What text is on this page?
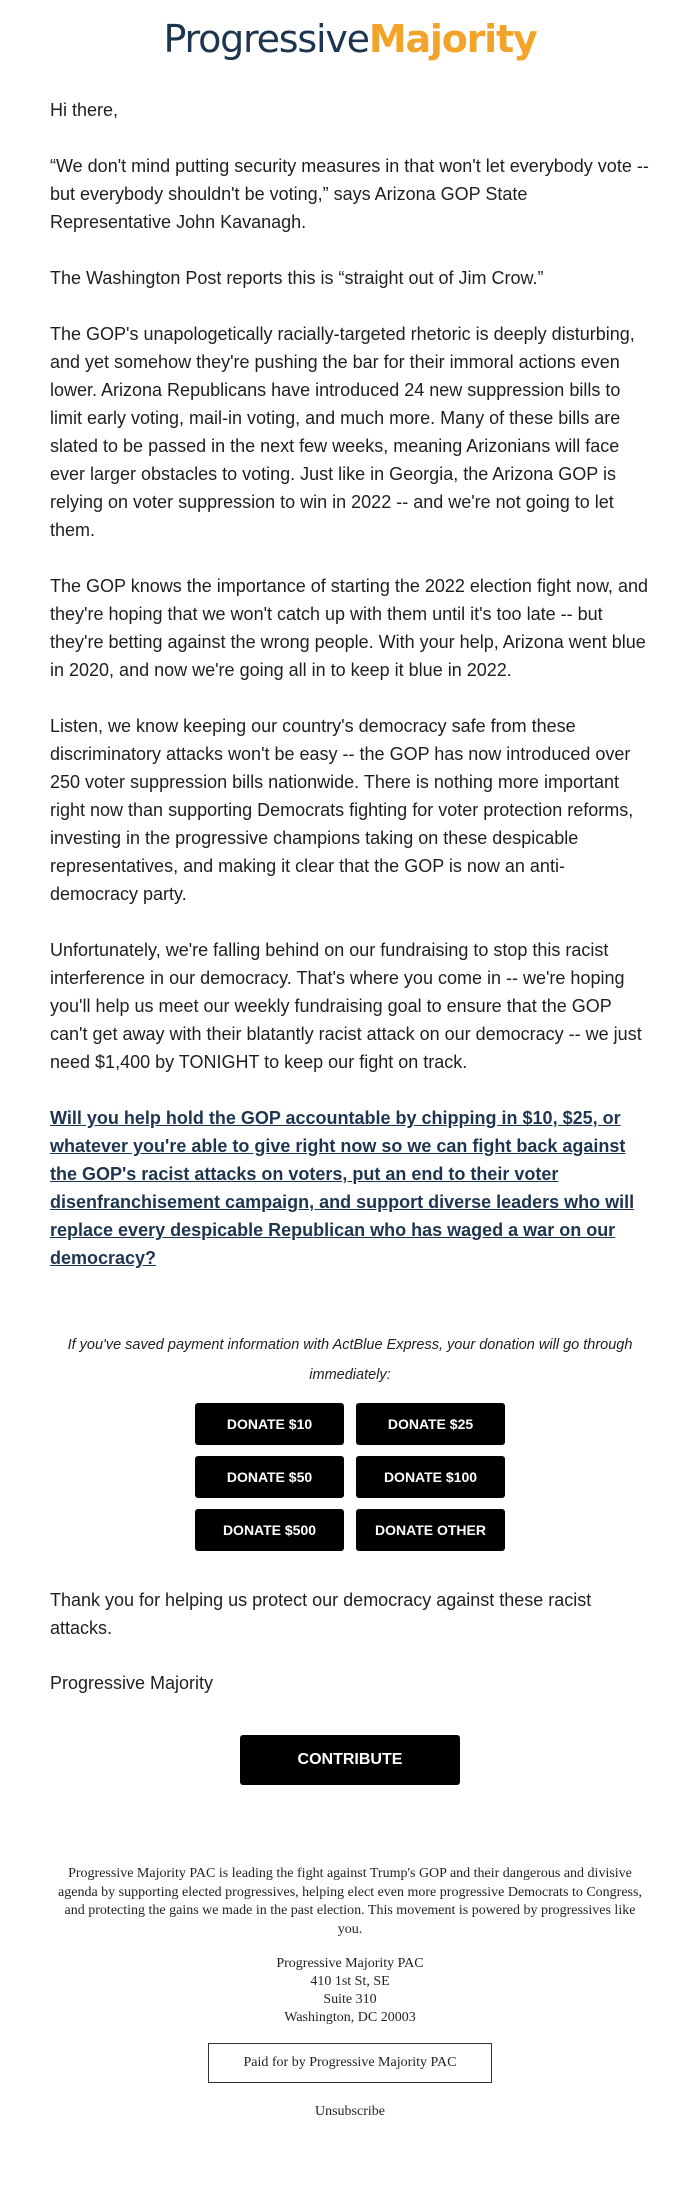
ProgressiveMajority

Hi there,

“We don't mind putting security measures in that won't let everybody vote -- but everybody shouldn't be voting,” says Arizona GOP State Representative John Kavanagh.

The Washington Post reports this is “straight out of Jim Crow.”

The GOP's unapologetically racially-targeted rhetoric is deeply disturbing, and yet somehow they're pushing the bar for their immoral actions even lower. Arizona Republicans have introduced 24 new suppression bills to limit early voting, mail-in voting, and much more. Many of these bills are slated to be passed in the next few weeks, meaning Arizonians will face ever larger obstacles to voting. Just like in Georgia, the Arizona GOP is relying on voter suppression to win in 2022 -- and we're not going to let them.

The GOP knows the importance of starting the 2022 election fight now, and they're hoping that we won't catch up with them until it's too late -- but they're betting against the wrong people. With your help, Arizona went blue in 2020, and now we're going all in to keep it blue in 2022.

Listen, we know keeping our country's democracy safe from these discriminatory attacks won't be easy -- the GOP has now introduced over 250 voter suppression bills nationwide. There is nothing more important right now than supporting Democrats fighting for voter protection reforms, investing in the progressive champions taking on these despicable representatives, and making it clear that the GOP is now an anti-democracy party.

Unfortunately, we're falling behind on our fundraising to stop this racist interference in our democracy. That's where you come in -- we're hoping you'll help us meet our weekly fundraising goal to ensure that the GOP can't get away with their blatantly racist attack on our democracy -- we just need $1,400 by TONIGHT to keep our fight on track.

Will you help hold the GOP accountable by chipping in $10, $25, or whatever you're able to give right now so we can fight back against the GOP's racist attacks on voters, put an end to their voter disenfranchisement campaign, and support diverse leaders who will replace every despicable Republican who has waged a war on our democracy?
If you've saved payment information with ActBlue Express, your donation will go through immediately:
DONATE $10	DONATE $25
DONATE $50	DONATE $100
DONATE $500	DONATE OTHER
Thank you for helping us protect our democracy against these racist attacks.
Progressive Majority
CONTRIBUTE
Progressive Majority PAC is leading the fight against Trump's GOP and their dangerous and divisive agenda by supporting elected progressives, helping elect even more progressive Democrats to Congress, and protecting the gains we made in the past election. This movement is powered by progressives like you.
Progressive Majority PAC
410 1st St, SE
Suite 310
Washington, DC 20003
Paid for by Progressive Majority PAC
Unsubscribe
